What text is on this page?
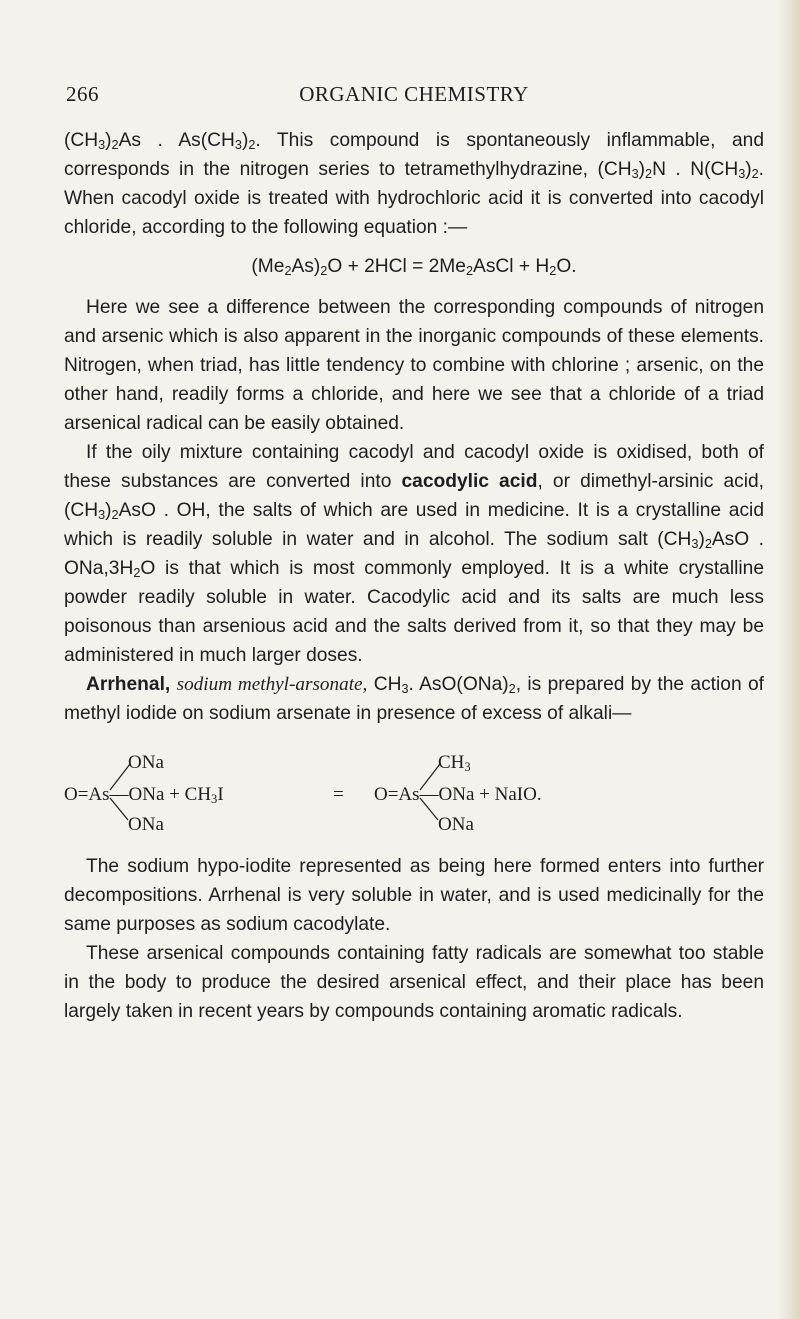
266	ORGANIC CHEMISTRY

$(CH_3)_2As$ . $As(CH_3)_2$. This compound is spontaneously inflammable, and corresponds in the nitrogen series to tetramethylhydrazine, $(CH_3)_2N$ . $N(CH_3)_2$. When cacodyl oxide is treated with hydrochloric acid it is converted into cacodyl chloride, according to the following equation :—

$(Me_2As)_2O + 2HCl$ = $2Me_2AsCl + H_2O$.

Here we see a difference between the corresponding compounds of nitrogen and arsenic which is also apparent in the inorganic compounds of these elements. Nitrogen, when triad, has little tendency to combine with chlorine ; arsenic, on the other hand, readily forms a chloride, and here we see that a chloride of a triad arsenical radical can be easily obtained.

If the oily mixture containing cacodyl and cacodyl oxide is oxidised, both of these substances are converted into cacodylic acid, or dimethyl-arsinic acid, $(CH_3)_2AsO$ . OH, the salts of which are used in medicine. It is a crystalline acid which is readily soluble in water and in alcohol. The sodium salt $(CH_3)_2AsO$ . $ONa,3H_2O$ is that which is most commonly employed. It is a white crystalline powder readily soluble in water. Cacodylic acid and its salts are much less poisonous than arsenious acid and the salts derived from it, so that they may be administered in much larger doses.

Arrhenal, sodium methyl-arsonate, $CH_3$. $AsO(ONa)_2$, is prepared by the action of methyl iodide on sodium arsenate in presence of excess of alkali—

ONa
O=As—ONa + $CH_3I$
ONa
=
$CH_3$
O=As—ONa + NaIO.
ONa

The sodium hypo-iodite represented as being here formed enters into further decompositions. Arrhenal is very soluble in water, and is used medicinally for the same purposes as sodium cacodylate.

These arsenical compounds containing fatty radicals are somewhat too stable in the body to produce the desired arsenical effect, and their place has been largely taken in recent years by compounds containing aromatic radicals.
